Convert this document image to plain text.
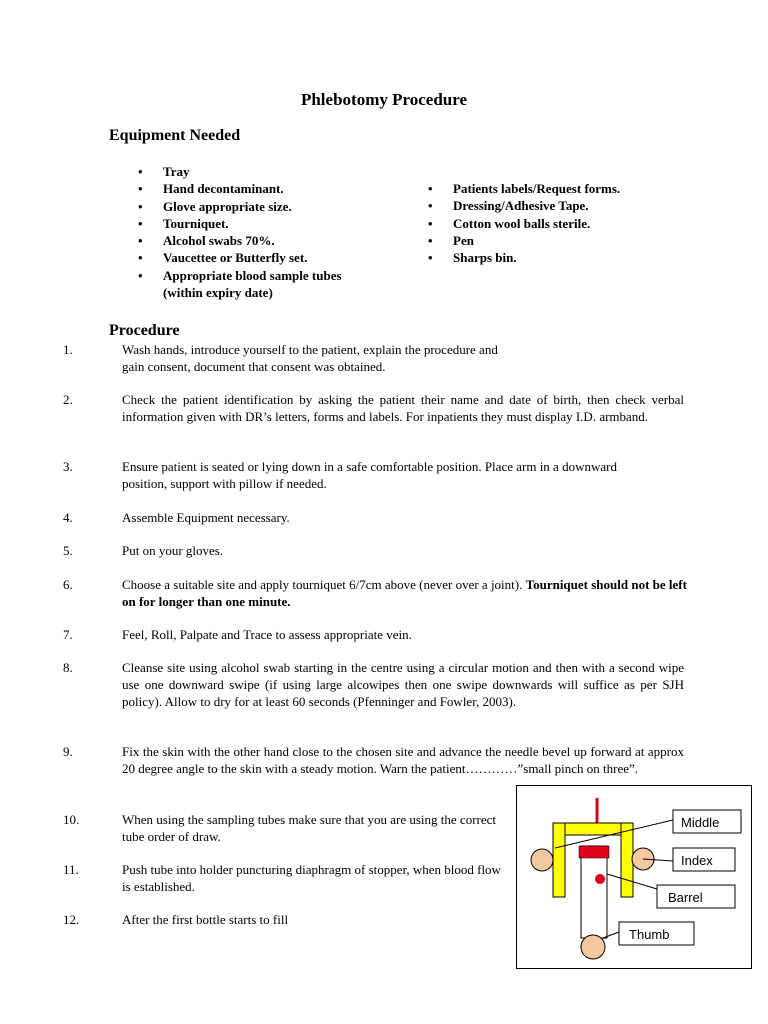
Phlebotomy Procedure
Equipment Needed
• Tray
• Hand decontaminant.
• Glove appropriate size.
• Tourniquet.
• Alcohol swabs 70%.
• Vaucettee or Butterfly set.
• Appropriate blood sample tubes (within expiry date)
• Patients labels/Request forms.
• Dressing/Adhesive Tape.
• Cotton wool balls sterile.
• Pen
• Sharps bin.
Procedure
1.	Wash hands, introduce yourself to the patient, explain the procedure and gain consent, document that consent was obtained.
2.	Check the patient identification by asking the patient their name and date of birth, then check verbal information given with DR’s letters, forms and labels. For inpatients they must display I.D. armband.
3.	Ensure patient is seated or lying down in a safe comfortable position. Place arm in a downward position, support with pillow if needed.
4.	Assemble Equipment necessary.
5.	Put on your gloves.
6.	Choose a suitable site and apply tourniquet 6/7cm above (never over a joint). Tourniquet should not be left on for longer than one minute.
7.	Feel, Roll, Palpate and Trace to assess appropriate vein.
8.	Cleanse site using alcohol swab starting in the centre using a circular motion and then with a second wipe use one downward swipe (if using large alcowipes then one swipe downwards will suffice as per SJH policy). Allow to dry for at least 60 seconds (Pfenninger and Fowler, 2003).
9.	Fix the skin with the other hand close to the chosen site and advance the needle bevel up forward at approx 20 degree angle to the skin with a steady motion. Warn the patient…………”small pinch on three”.
10.	When using the sampling tubes make sure that you are using the correct tube order of draw.
11.	Push tube into holder puncturing diaphragm of stopper, when blood flow is established.
12.	After the first bottle starts to fill
Middle
Index
Barrel
Thumb
